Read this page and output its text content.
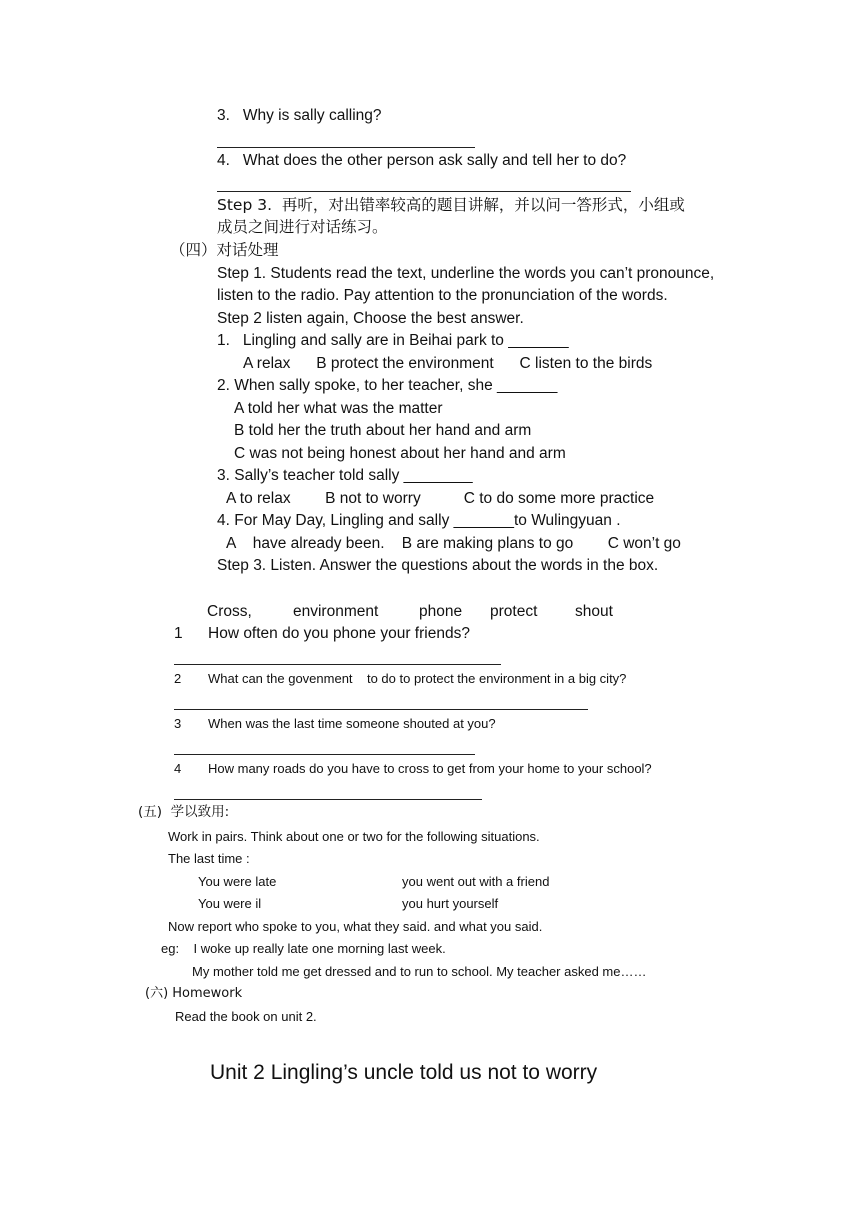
3.   Why is sally calling?
4.   What does the other person ask sally and tell her to do?
Step 3.  再听，对出错率较高的题目讲解，并以问一答形式，小组或
成员之间进行对话练习。
（四）对话处理
Step 1. Students read the text, underline the words you can’t pronounce,
listen to the radio. Pay attention to the pronunciation of the words.
Step 2 listen again, Choose the best answer.
1.   Lingling and sally are in Beihai park to _______
A relax      B protect the environment      C listen to the birds
2. When sally spoke, to her teacher, she _______
A told her what was the matter
B told her the truth about her hand and arm
C was not being honest about her hand and arm
3. Sally’s teacher told sally ________
A to relax        B not to worry          C to do some more practice
4. For May Day, Lingling and sally _______to Wulingyuan .
A    have already been.    B are making plans to go        C won’t go
Step 3. Listen. Answer the questions about the words in the box.
Cross,	environment	phone protect shout
1 How often do you phone your friends?
2 What can the govenment    to do to protect the environment in a big city?
3 When was the last time someone shouted at you?
4 How many roads do you have to cross to get from your home to your school?
(五)  学以致用:
Work in pairs. Think about one or two for the following situations.
The last time :
You were late	you went out with a friend
You were il	you hurt yourself
Now report who spoke to you, what they said. and what you said.
eg:    I woke up really late one morning last week.
My mother told me get dressed and to run to school. My teacher asked me……
(六) Homework
Read the book on unit 2.
Unit 2 Lingling’s uncle told us not to worry
